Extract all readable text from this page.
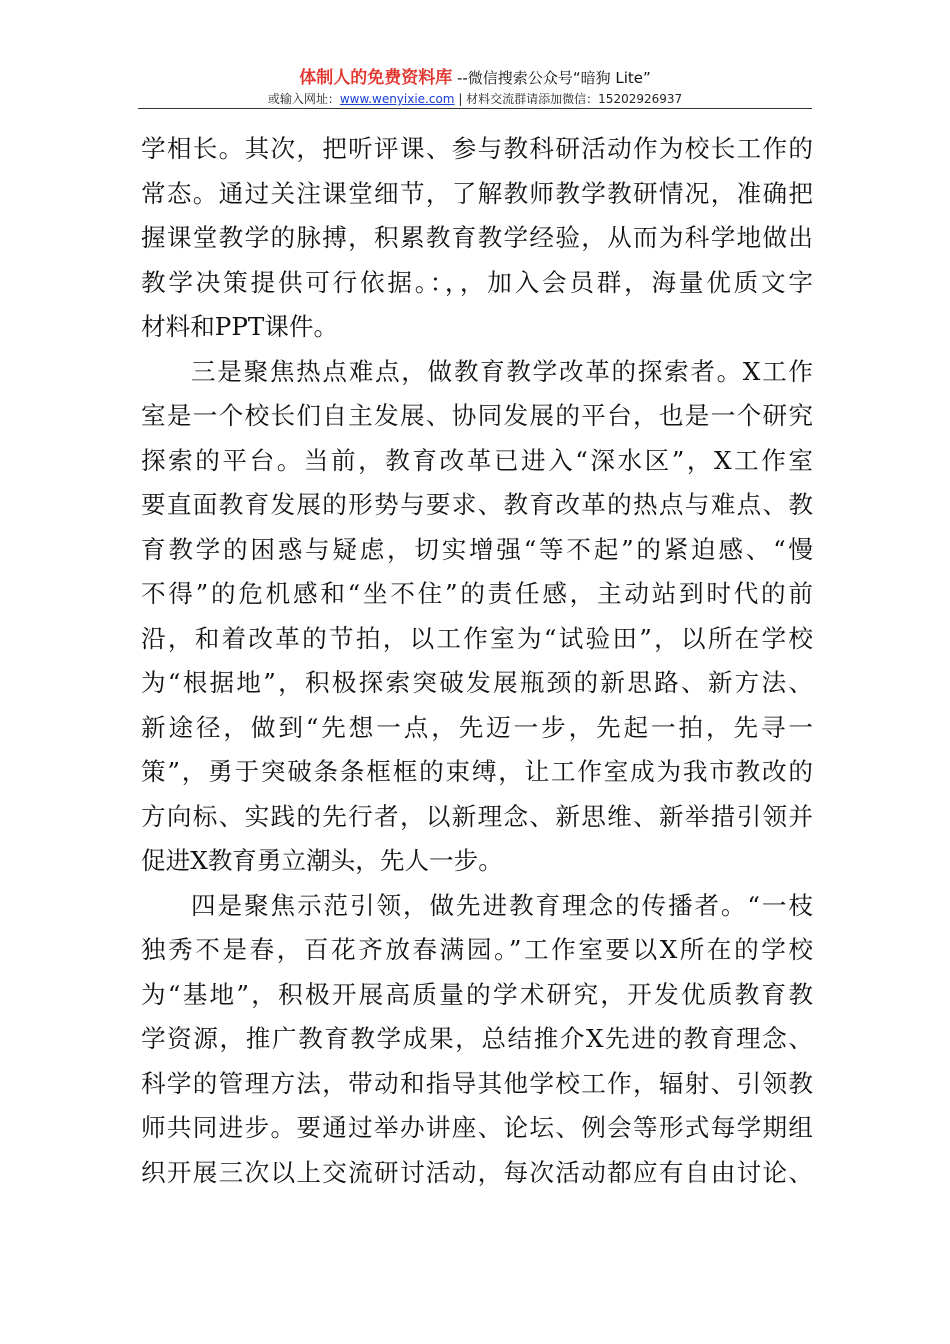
体制人的免费资料库 --微信搜索公众号“暗狗 Lite”
或输入网址：www.wenyixie.com | 材料交流群请添加微信：15202926937
学相长。其次，把听评课、参与教科研活动作为校长工作的
常态。通过关注课堂细节，了解教师教学教研情况，准确把
握课堂教学的脉搏，积累教育教学经验，从而为科学地做出
教学决策提供可行依据。：，，加入会员群，海量优质文字
材料和PPT课件。
三是聚焦热点难点，做教育教学改革的探索者。X工作
室是一个校长们自主发展、协同发展的平台，也是一个研究
探索的平台。当前，教育改革已进入“深水区”，X工作室
要直面教育发展的形势与要求、教育改革的热点与难点、教
育教学的困惑与疑虑，切实增强“等不起”的紧迫感、“慢
不得”的危机感和“坐不住”的责任感，主动站到时代的前
沿，和着改革的节拍，以工作室为“试验田”，以所在学校
为“根据地”，积极探索突破发展瓶颈的新思路、新方法、
新途径，做到“先想一点，先迈一步，先起一拍，先寻一
策”，勇于突破条条框框的束缚，让工作室成为我市教改的
方向标、实践的先行者，以新理念、新思维、新举措引领并
促进X教育勇立潮头，先人一步。
四是聚焦示范引领，做先进教育理念的传播者。“一枝
独秀不是春，百花齐放春满园。”工作室要以X所在的学校
为“基地”，积极开展高质量的学术研究，开发优质教育教
学资源，推广教育教学成果，总结推介X先进的教育理念、
科学的管理方法，带动和指导其他学校工作，辐射、引领教
师共同进步。要通过举办讲座、论坛、例会等形式每学期组
织开展三次以上交流研讨活动，每次活动都应有自由讨论、
